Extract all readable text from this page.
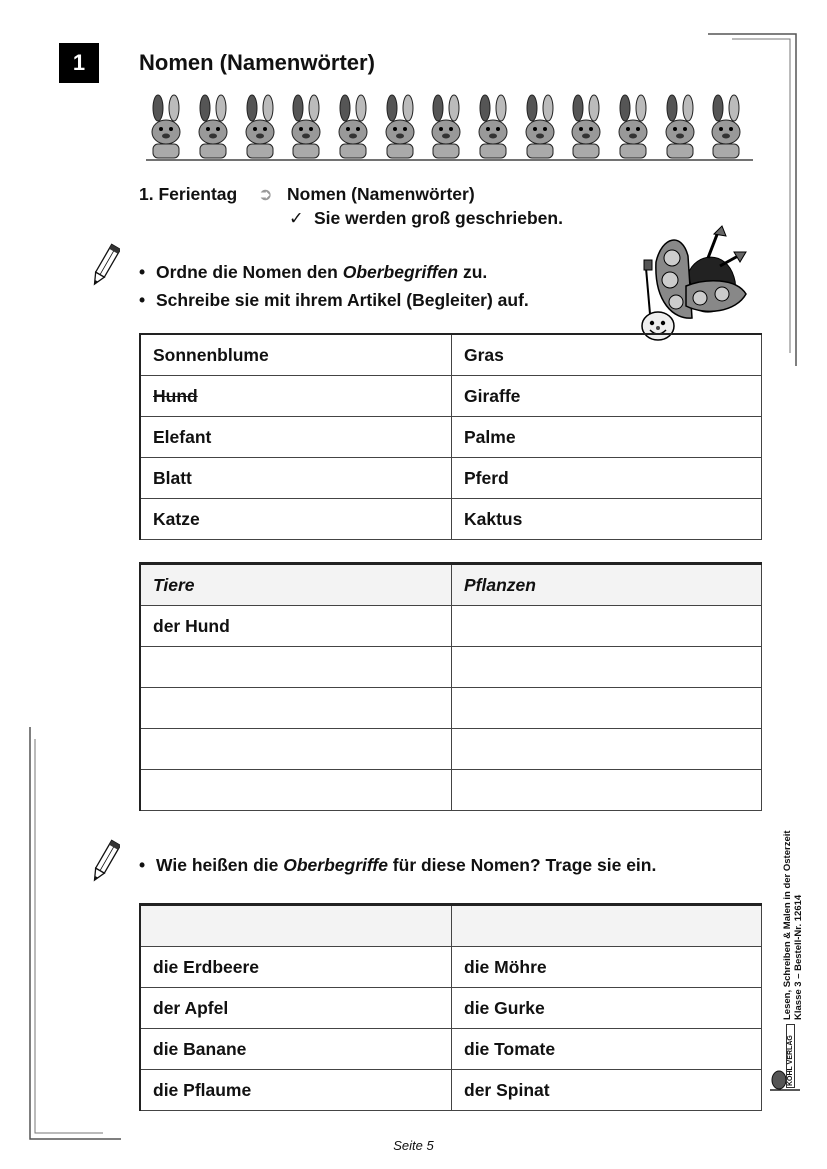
1	Nomen (Namenwörter)
1. Ferientag ➲ Nomen (Namenwörter)
✓ Sie werden groß geschrieben.
• Ordne die Nomen den Oberbegriffen zu.
• Schreibe sie mit ihrem Artikel (Begleiter) auf.
Sonnenblume	Gras
Hund	Giraffe
Elefant	Palme
Blatt	Pferd
Katze	Kaktus
Tiere	Pflanzen
der Hund	

• Wie heißen die Oberbegriffe für diese Nomen? Trage sie ein.

die Erdbeere	die Möhre
der Apfel	die Gurke
die Banane	die Tomate
die Pflaume	der Spinat
Lesen, Schreiben & Malen in der Osterzeit
Klasse 3 – Bestell-Nr. 12614
KOHL VERLAG
Seite 5
